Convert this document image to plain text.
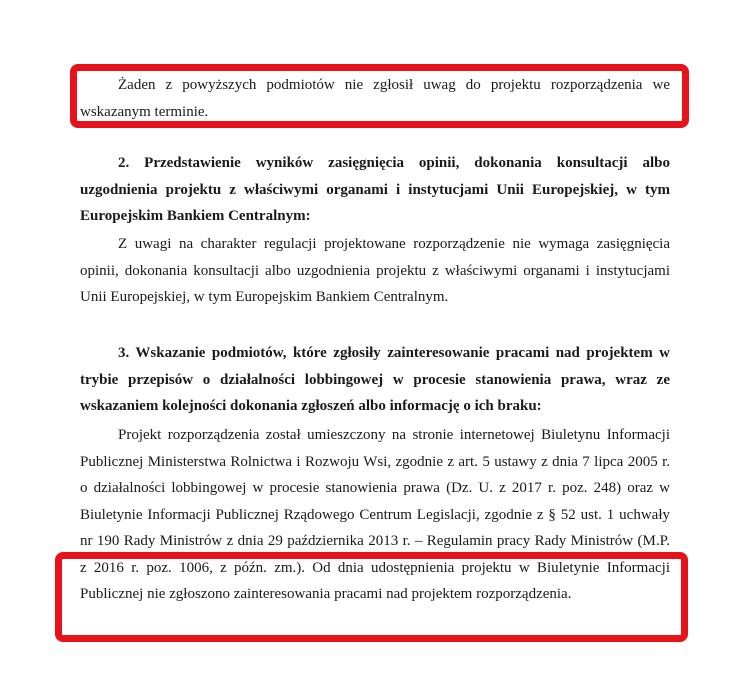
Żaden z powyższych podmiotów nie zgłosił uwag do projektu rozporządzenia we wskazanym terminie.

2. Przedstawienie wyników zasięgnięcia opinii, dokonania konsultacji albo uzgodnienia projektu z właściwymi organami i instytucjami Unii Europejskiej, w tym Europejskim Bankiem Centralnym:

Z uwagi na charakter regulacji projektowane rozporządzenie nie wymaga zasięgnięcia opinii, dokonania konsultacji albo uzgodnienia projektu z właściwymi organami i instytucjami Unii Europejskiej, w tym Europejskim Bankiem Centralnym.

3. Wskazanie podmiotów, które zgłosiły zainteresowanie pracami nad projektem w trybie przepisów o działalności lobbingowej w procesie stanowienia prawa, wraz ze wskazaniem kolejności dokonania zgłoszeń albo informację o ich braku:

Projekt rozporządzenia został umieszczony na stronie internetowej Biuletynu Informacji Publicznej Ministerstwa Rolnictwa i Rozwoju Wsi, zgodnie z art. 5 ustawy z dnia 7 lipca 2005 r. o działalności lobbingowej w procesie stanowienia prawa (Dz. U. z 2017 r. poz. 248) oraz w Biuletynie Informacji Publicznej Rządowego Centrum Legislacji, zgodnie z § 52 ust. 1 uchwały nr 190 Rady Ministrów z dnia 29 października 2013 r. – Regulamin pracy Rady Ministrów (M.P. z 2016 r. poz. 1006, z późn. zm.). Od dnia udostępnienia projektu w Biuletynie Informacji Publicznej nie zgłoszono zainteresowania pracami nad projektem rozporządzenia.
